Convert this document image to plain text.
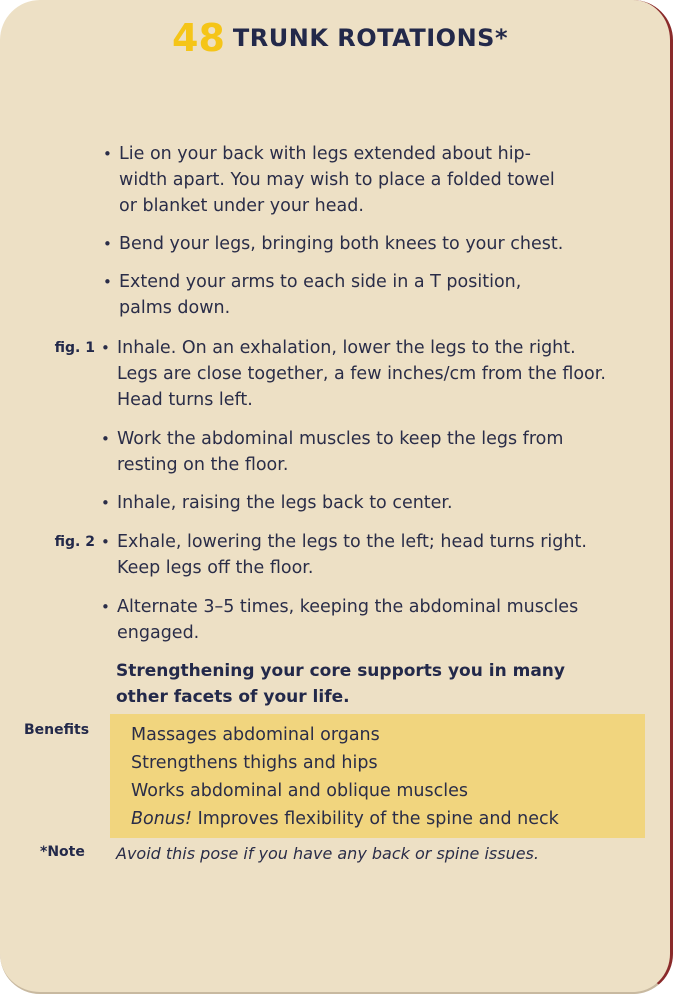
48 TRUNK ROTATIONS*
• Lie on your back with legs extended about hip-
width apart. You may wish to place a folded towel
or blanket under your head.
• Bend your legs, bringing both knees to your chest.
• Extend your arms to each side in a T position,
palms down.
fig. 1 • Inhale. On an exhalation, lower the legs to the right.
Legs are close together, a few inches/cm from the floor.
Head turns left.
• Work the abdominal muscles to keep the legs from
resting on the floor.
• Inhale, raising the legs back to center.
fig. 2 • Exhale, lowering the legs to the left; head turns right.
Keep legs off the floor.
• Alternate 3–5 times, keeping the abdominal muscles
engaged.
Strengthening your core supports you in many other facets of your life.
Benefits Massages abdominal organs
Strengthens thighs and hips
Works abdominal and oblique muscles
Bonus! Improves flexibility of the spine and neck
*Note Avoid this pose if you have any back or spine issues.
